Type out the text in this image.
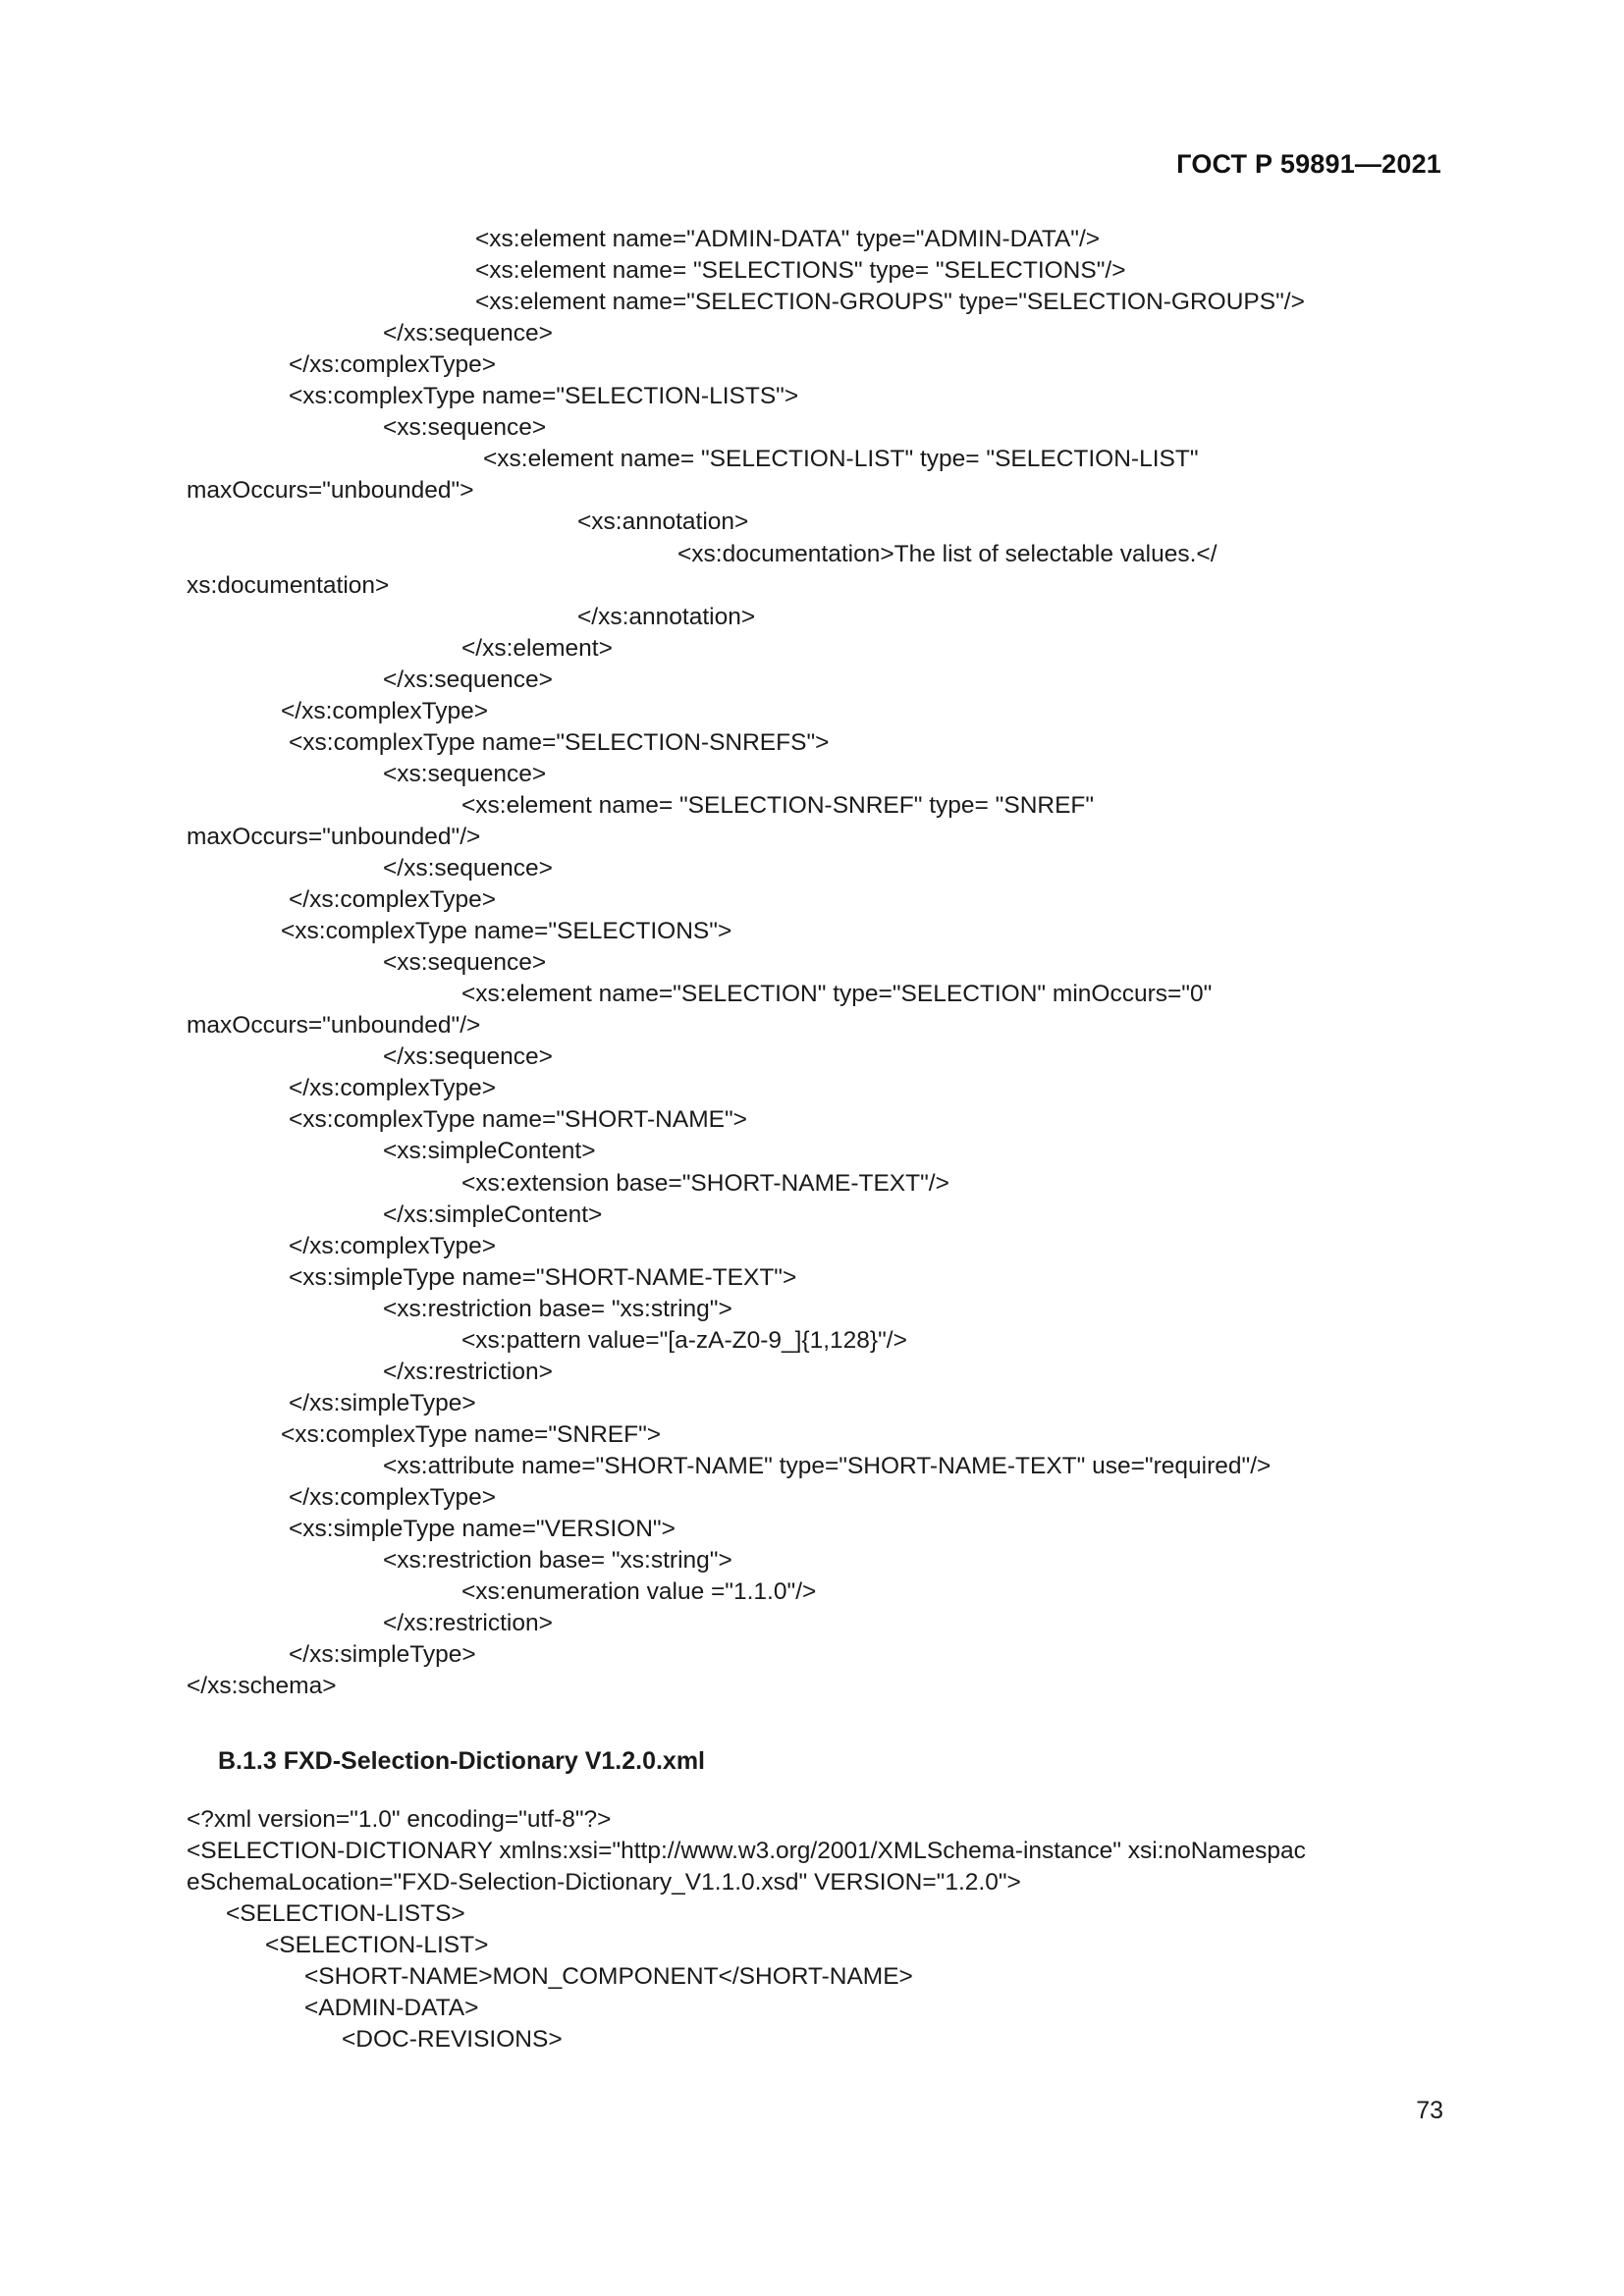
ГОСТ Р 59891—2021
<xs:element name="ADMIN-DATA" type="ADMIN-DATA"/>
<xs:element name= "SELECTIONS" type= "SELECTIONS"/>
<xs:element name="SELECTION-GROUPS" type="SELECTION-GROUPS"/>
</xs:sequence>
</xs:complexType>
<xs:complexType name="SELECTION-LISTS">
<xs:sequence>
<xs:element name= "SELECTION-LIST" type= "SELECTION-LIST"
maxOccurs="unbounded">
<xs:annotation>
<xs:documentation>The list of selectable values.</
xs:documentation>
</xs:annotation>
</xs:element>
</xs:sequence>
</xs:complexType>
<xs:complexType name="SELECTION-SNREFS">
<xs:sequence>
<xs:element name= "SELECTION-SNREF" type= "SNREF"
maxOccurs="unbounded"/>
</xs:sequence>
</xs:complexType>
<xs:complexType name="SELECTIONS">
<xs:sequence>
<xs:element name="SELECTION" type="SELECTION" minOccurs="0"
maxOccurs="unbounded"/>
</xs:sequence>
</xs:complexType>
<xs:complexType name="SHORT-NAME">
<xs:simpleContent>
<xs:extension base="SHORT-NAME-TEXT"/>
</xs:simpleContent>
</xs:complexType>
<xs:simpleType name="SHORT-NAME-TEXT">
<xs:restriction base= "xs:string">
<xs:pattern value="[a-zA-Z0-9_]{1,128}"/>
</xs:restriction>
</xs:simpleType>
<xs:complexType name="SNREF">
<xs:attribute name="SHORT-NAME" type="SHORT-NAME-TEXT" use="required"/>
</xs:complexType>
<xs:simpleType name="VERSION">
<xs:restriction base= "xs:string">
<xs:enumeration value ="1.1.0"/>
</xs:restriction>
</xs:simpleType>
</xs:schema>
B.1.3 FXD-Selection-Dictionary V1.2.0.xml
<?xml version="1.0" encoding="utf-8"?>
<SELECTION-DICTIONARY xmlns:xsi="http://www.w3.org/2001/XMLSchema-instance" xsi:noNamespac
eSchemaLocation="FXD-Selection-Dictionary_V1.1.0.xsd" VERSION="1.2.0">
<SELECTION-LISTS>
<SELECTION-LIST>
<SHORT-NAME>MON_COMPONENT</SHORT-NAME>
<ADMIN-DATA>
<DOC-REVISIONS>
73
